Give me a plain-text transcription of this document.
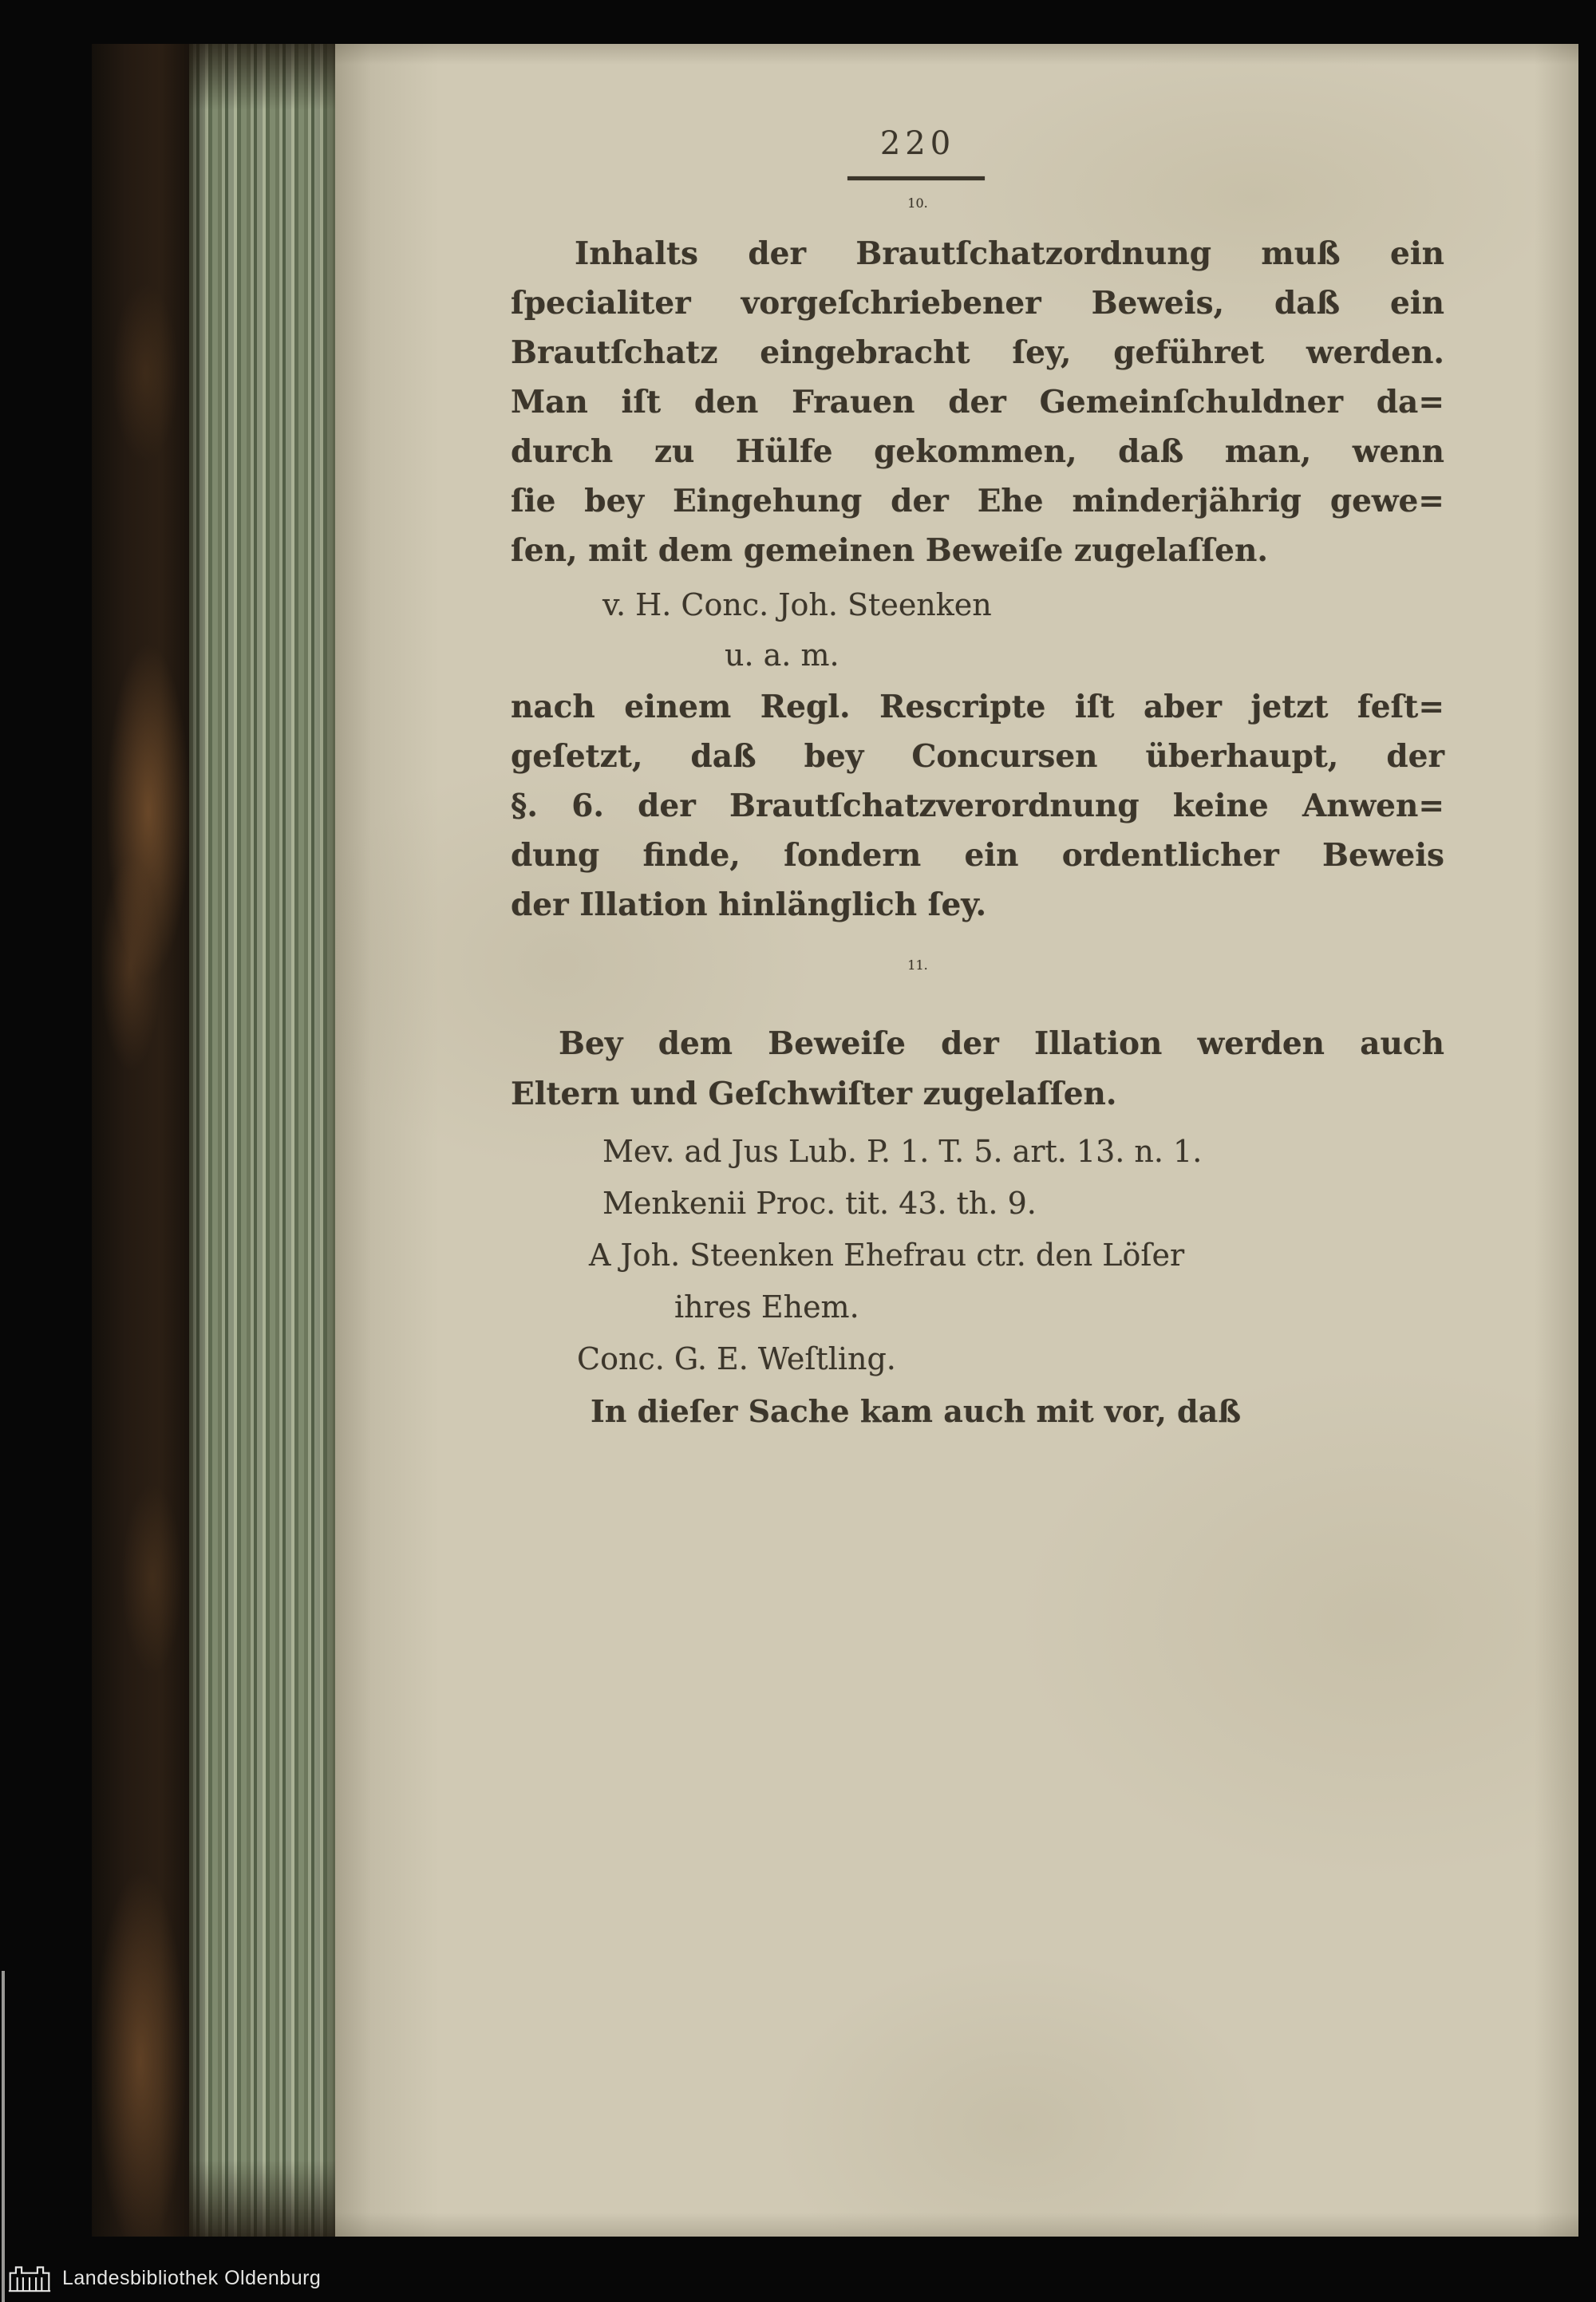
220
10.
Inhalts der Brautſchatzordnung muß ein
ſpecialiter vorgeſchriebener Beweis, daß ein
Brautſchatz eingebracht ſey, geführet werden.
Man iſt den Frauen der Gemeinſchuldner da=
durch zu Hülfe gekommen, daß man, wenn
ſie bey Eingehung der Ehe minderjährig gewe=
ſen, mit dem gemeinen Beweiſe zugelaſſen.
v. H. Conc. Joh. Steenken
u. a. m.
nach einem Regl. Rescripte iſt aber jetzt feſt=
geſetzt, daß bey Concursen überhaupt, der
§. 6. der Brautſchatzverordnung keine Anwen=
dung finde, ſondern ein ordentlicher Beweis
der Illation hinlänglich ſey.
11.
Bey dem Beweiſe der Illation werden auch
Eltern und Geſchwiſter zugelaſſen.
Mev. ad Jus Lub. P. 1. T. 5. art. 13. n. 1.
Menkenii Proc. tit. 43. th. 9.
A Joh. Steenken Ehefrau ctr. den Löſer
ihres Ehem.
Conc. G. E. Weſtling.
In dieſer Sache kam auch mit vor, daß
Landesbibliothek Oldenburg
